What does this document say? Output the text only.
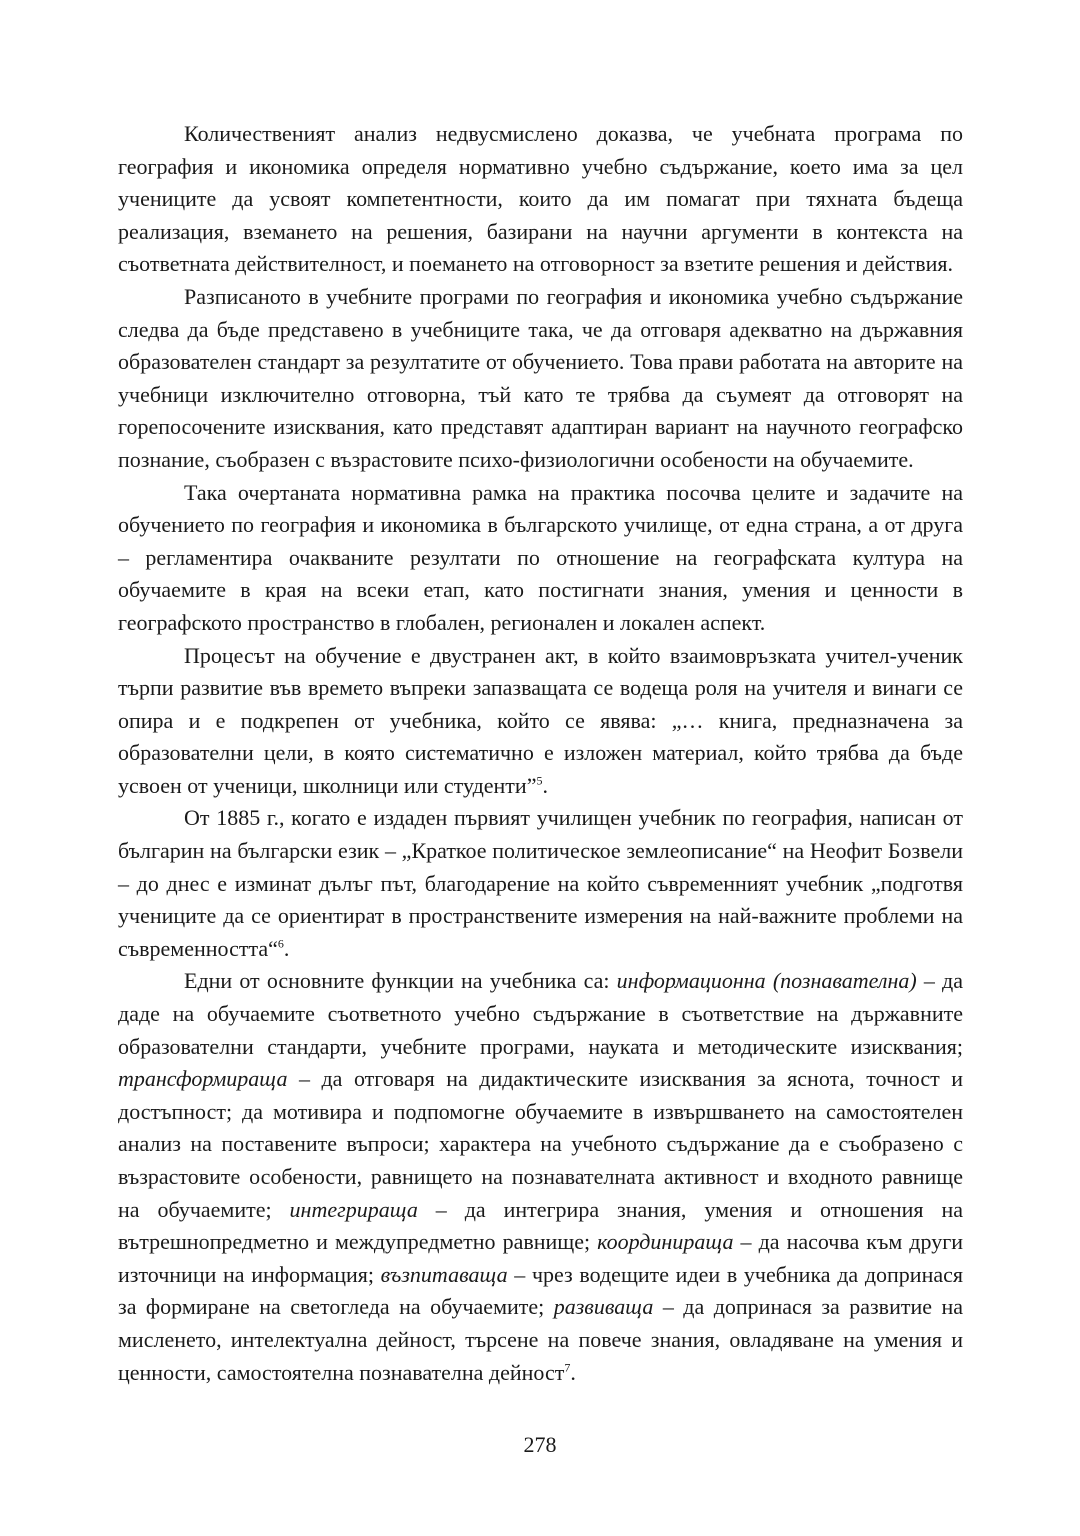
Количественият анализ недвусмислено доказва, че учебната програма по география и икономика определя нормативно учебно съдържание, което има за цел учениците да усвоят компетентности, които да им помагат при тяхната бъдеща реализация, вземането на решения, базирани на научни аргументи в контекста на съответната действителност, и поемането на отговорност за взетите решения и действия.

Разписаното в учебните програми по география и икономика учебно съдържание следва да бъде представено в учебниците така, че да отговаря адекватно на държавния образователен стандарт за резултатите от обучението. Това прави работата на авторите на учебници изключително отговорна, тъй като те трябва да съумеят да отговорят на горепосочените изисквания, като представят адаптиран вариант на научното географско познание, съобразен с възрастовите психо-физиологични особености на обучаемите.

Така очертаната нормативна рамка на практика посочва целите и задачите на обучението по география и икономика в българското училище, от една страна, а от друга – регламентира очакваните резултати по отношение на географската култура на обучаемите в края на всеки етап, като постигнати знания, умения и ценности в географското пространство в глобален, регионален и локален аспект.

Процесът на обучение е двустранен акт, в който взаимовръзката учител-ученик търпи развитие във времето въпреки запазващата се водеща роля на учителя и винаги се опира и е подкрепен от учебника, който се явява: „… книга, предназначена за образователни цели, в която систематично е изложен материал, който трябва да бъде усвоен от ученици, школници или студенти”$^5$.

От 1885 г., когато е издаден първият училищен учебник по география, написан от българин на български език – „Краткое политическое землеописание“ на Неофит Бозвели – до днес е изминат дълъг път, благодарение на който съвременният учебник „подготвя учениците да се ориентират в пространствените измерения на най-важните проблеми на съвременността“$^6$.

Едни от основните функции на учебника са: информационна (познавателна) – да даде на обучаемите съответното учебно съдържание в съответствие на държавните образователни стандарти, учебните програми, науката и методическите изисквания; трансформираща – да отговаря на дидактическите изисквания за яснота, точност и достъпност; да мотивира и подпомогне обучаемите в извършването на самостоятелен анализ на поставените въпроси; характера на учебното съдържание да е съобразено с възрастовите особености, равнището на познавателната активност и входното равнище на обучаемите; интегрираща – да интегрира знания, умения и отношения на вътрешнопредметно и междупредметно равнище; координираща – да насочва към други източници на информация; възпитаваща – чрез водещите идеи в учебника да допринася за формиране на светогледа на обучаемите; развиваща – да допринася за развитие на мисленето, интелектуална дейност, търсене на повече знания, овладяване на умения и ценности, самостоятелна познавателна дейност$^7$.

278
